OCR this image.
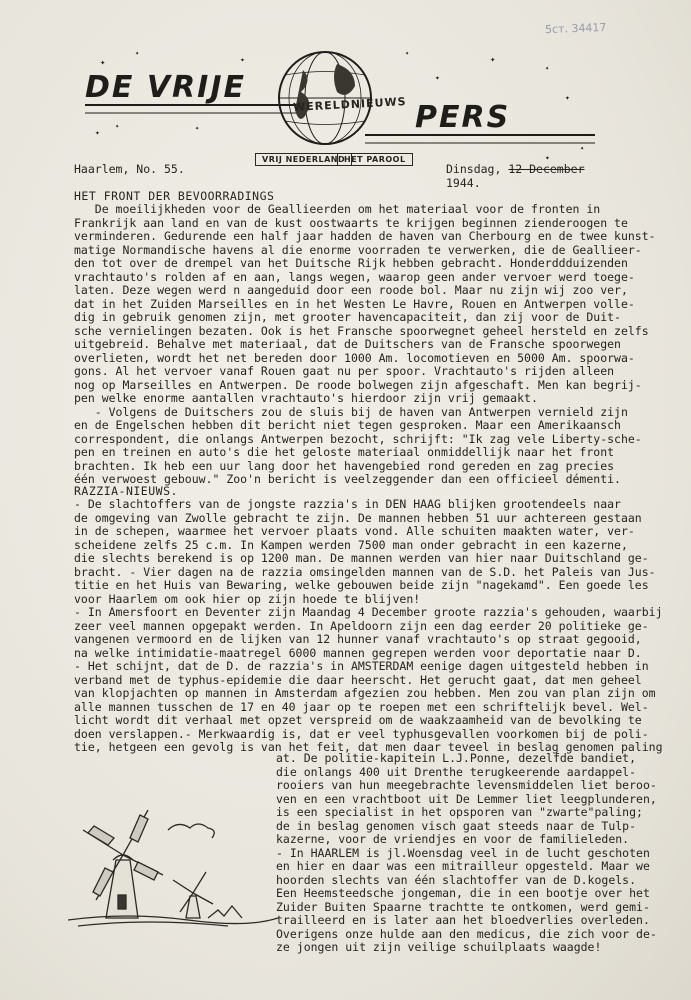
5ст. 34417
✦
✦
✦
✦
✦
✦
✦
✦
✦
✦	✦
✦
✦
DE VRIJE	WERELDNIEUWS PERS
VRIJ NEDERLAND
HET PAROOL
Haarlem, No. 55.	Dinsdag, 12 December 1944.
HET FRONT DER BEVOORRADINGS
De moeilijkheden voor de Geallieerden om het materiaal voor de fronten in
Frankrijk aan land en van de kust oostwaarts te krijgen beginnen zienderoogen te
verminderen. Gedurende een half jaar hadden de haven van Cherbourg en de twee kunst-
matige Normandische havens al die enorme voorraden te verwerken, die de Geallieer-
den tot over de drempel van het Duitsche Rijk hebben gebracht. Honderddduizenden
vrachtauto's rolden af en aan, langs wegen, waarop geen ander vervoer werd toege-
laten. Deze wegen werd n aangeduid door een roode bol. Maar nu zijn wij zoo ver,
dat in het Zuiden Marseilles en in het Westen Le Havre, Rouen en Antwerpen volle-
dig in gebruik genomen zijn, met grooter havencapaciteit, dan zij voor de Duit-
sche vernielingen bezaten. Ook is het Fransche spoorwegnet geheel hersteld en zelfs
uitgebreid. Behalve met materiaal, dat de Duitschers van de Fransche spoorwegen
overlieten, wordt het net bereden door 1000 Am. locomotieven en 5000 Am. spoorwa-
gons. Al het vervoer vanaf Rouen gaat nu per spoor. Vrachtauto's rijden alleen
nog op Marseilles en Antwerpen. De roode bolwegen zijn afgeschaft. Men kan begrij-
pen welke enorme aantallen vrachtauto's hierdoor zijn vrij gemaakt.
- Volgens de Duitschers zou de sluis bij de haven van Antwerpen vernield zijn
en de Engelschen hebben dit bericht niet tegen gesproken. Maar een Amerikaansch
correspondent, die onlangs Antwerpen bezocht, schrijft: "Ik zag vele Liberty-sche-
pen en treinen en auto's die het geloste materiaal onmiddellijk naar het front
brachten. Ik heb een uur lang door het havengebied rond gereden en zag precies
één verwoest gebouw." Zoo'n bericht is veelzeggender dan een officieel démenti.
RAZZIA-NIEUWS.
- De slachtoffers van de jongste razzia's in DEN HAAG blijken grootendeels naar
de omgeving van Zwolle gebracht te zijn. De mannen hebben 51 uur achtereen gestaan
in de schepen, waarmee het vervoer plaats vond. Alle schuiten maakten water, ver-
scheidene zelfs 25 c.m. In Kampen werden 7500 man onder gebracht in een kazerne,
die slechts berekend is op 1200 man. De mannen werden van hier naar Duitschland ge-
bracht. - Vier dagen na de razzia omsingelden mannen van de S.D. het Paleis van Jus-
titie en het Huis van Bewaring, welke gebouwen beide zijn "nagekamd". Een goede les
voor Haarlem om ook hier op zijn hoede te blijven!
- In Amersfoort en Deventer zijn Maandag 4 December groote razzia's gehouden, waarbij
zeer veel mannen opgepakt werden. In Apeldoorn zijn een dag eerder 20 politieke ge-
vangenen vermoord en de lijken van 12 hunner vanaf vrachtauto's op straat gegooid,
na welke intimidatie-maatregel 6000 mannen gegrepen werden voor deportatie naar D.
- Het schijnt, dat de D. de razzia's in AMSTERDAM eenige dagen uitgesteld hebben in
verband met de typhus-epidemie die daar heerscht. Het gerucht gaat, dat men geheel
van klopjachten op mannen in Amsterdam afgezien zou hebben. Men zou van plan zijn om
alle mannen tusschen de 17 en 40 jaar op te roepen met een schriftelijk bevel. Wel-
licht wordt dit verhaal met opzet verspreid om de waakzaamheid van de bevolking te
doen verslappen.- Merkwaardig is, dat er veel typhusgevallen voorkomen bij de poli-
tie, hetgeen een gevolg is van het feit, dat men daar teveel in beslag genomen paling
at. De politie-kapitein L.J.Ponne, dezelfde bandiet,
die onlangs 400 uit Drenthe terugkeerende aardappel-
rooiers van hun meegebrachte levensmiddelen liet beroo-
ven en een vrachtboot uit De Lemmer liet leegplunderen,
is een specialist in het opsporen van "zwarte"paling;
de in beslag genomen visch gaat steeds naar de Tulp-
kazerne, voor de vriendjes en voor de familieleden.
- In HAARLEM is jl.Woensdag veel in de lucht geschoten
en hier en daar was een mitrailleur opgesteld. Maar we
hoorden slechts van één slachtoffer van de D.kogels.
Een Heemsteedsche jongeman, die in een bootje over het
Zuider Buiten Spaarne trachtte te ontkomen, werd gemi-
trailleerd en is later aan het bloedverlies overleden.
Overigens onze hulde aan den medicus, die zich voor de-
ze jongen uit zijn veilige schuilplaats waagde!
